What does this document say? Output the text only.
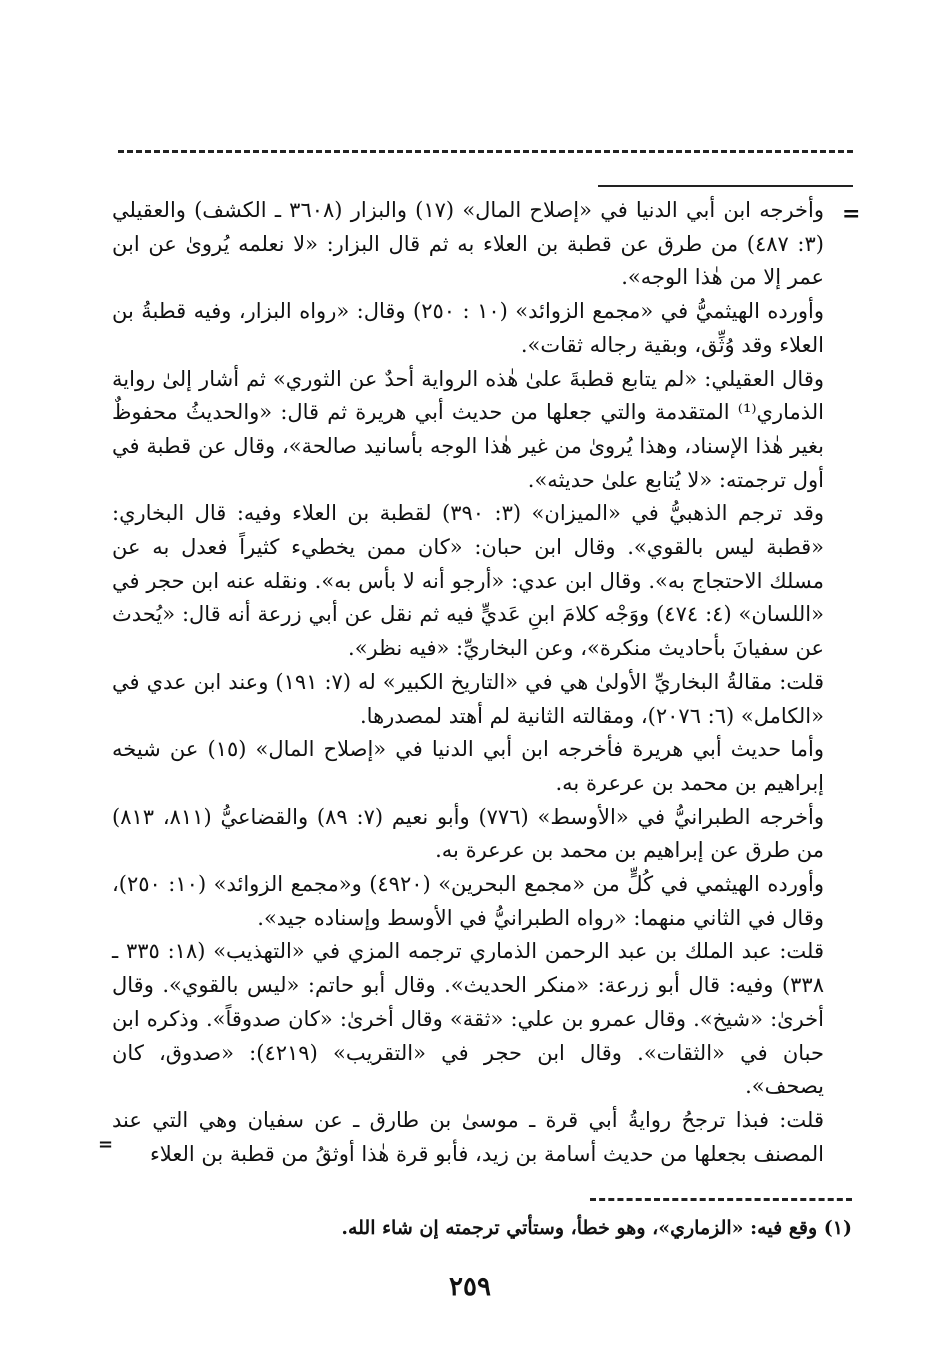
=

وأخرجه ابن أبي الدنيا في «إصلاح المال» (١٧) والبزار (٣٦٠٨ ـ الكشف) والعقيلي (٣: ٤٨٧) من طرق عن قطبة بن العلاء به ثم قال البزار: «لا نعلمه يُروىٰ عن ابن عمر إلا من هٰذا الوجه».

وأورده الهيثميُّ في «مجمع الزوائد» (١٠ : ٢٥٠) وقال: «رواه البزار، وفيه قطبةُ بن العلاء وقد وُثِّق، وبقية رجاله ثقات».

وقال العقيلي: «لم يتابع قطبةَ علىٰ هٰذه الرواية أحدٌ عن الثوري» ثم أشار إلىٰ رواية الذماري⁽¹⁾ المتقدمة والتي جعلها من حديث أبي هريرة ثم قال: «والحديثُ محفوظٌ بغير هٰذا الإسناد، وهذا يُروىٰ من غير هٰذا الوجه بأسانيد صالحة»، وقال عن قطبة في أول ترجمته: «لا يُتابع علىٰ حديثه».

وقد ترجم الذهبيُّ في «الميزان» (٣: ٣٩٠) لقطبة بن العلاء وفيه: قال البخاري: «قطبة ليس بالقوي». وقال ابن حبان: «كان ممن يخطيء كثيراً فعدل به عن مسلك الاحتجاج به». وقال ابن عدي: «أرجو أنه لا بأس به». ونقله عنه ابن حجر في «اللسان» (٤: ٤٧٤) ووَجْه كلامَ ابنِ عَديٍّ فيه ثم نقل عن أبي زرعة أنه قال: «يُحدث عن سفيانَ بأحاديث منكرة»، وعن البخاريِّ: «فيه نظر».

قلت: مقالةُ البخاريِّ الأولىٰ هي في «التاريخ الكبير» له (٧: ١٩١) وعند ابن عدي في «الكامل» (٦: ٢٠٧٦)، ومقالته الثانية لم أهتد لمصدرها.

وأما حديث أبي هريرة فأخرجه ابن أبي الدنيا في «إصلاح المال» (١٥) عن شيخه إبراهيم بن محمد بن عرعرة به.

وأخرجه الطبرانيُّ في «الأوسط» (٧٧٦) وأبو نعيم (٧: ٨٩) والقضاعيُّ (٨١١، ٨١٣) من طرق عن إبراهيم بن محمد بن عرعرة به.

وأورده الهيثمي في كُلٍّ من «مجمع البحرين» (٤٩٢٠) و«مجمع الزوائد» (١٠: ٢٥٠)، وقال في الثاني منهما: «رواه الطبرانيُّ في الأوسط وإسناده جيد».

قلت: عبد الملك بن عبد الرحمن الذماري ترجمه المزي في «التهذيب» (١٨: ٣٣٥ ـ ٣٣٨) وفيه: قال أبو زرعة: «منكر الحديث». وقال أبو حاتم: «ليس بالقوي». وقال أخرىٰ: «شيخ». وقال عمرو بن علي: «ثقة» وقال أخرىٰ: «كان صدوقاً». وذكره ابن حبان في «الثقات». وقال ابن حجر في «التقريب» (٤٢١٩): «صدوق، كان يصحف».

قلت: فبذا ترجحُ روايةُ أبي قرة ـ موسىٰ بن طارق ـ عن سفيان وهي التي عند المصنف بجعلها من حديث أسامة بن زيد، فأبو قرة هٰذا أوثقُ من قطبة بن العلاء

=
(١) وقع فيه: «الزماري»، وهو خطأ، وستأتي ترجمته إن شاء الله.
٢٥٩
